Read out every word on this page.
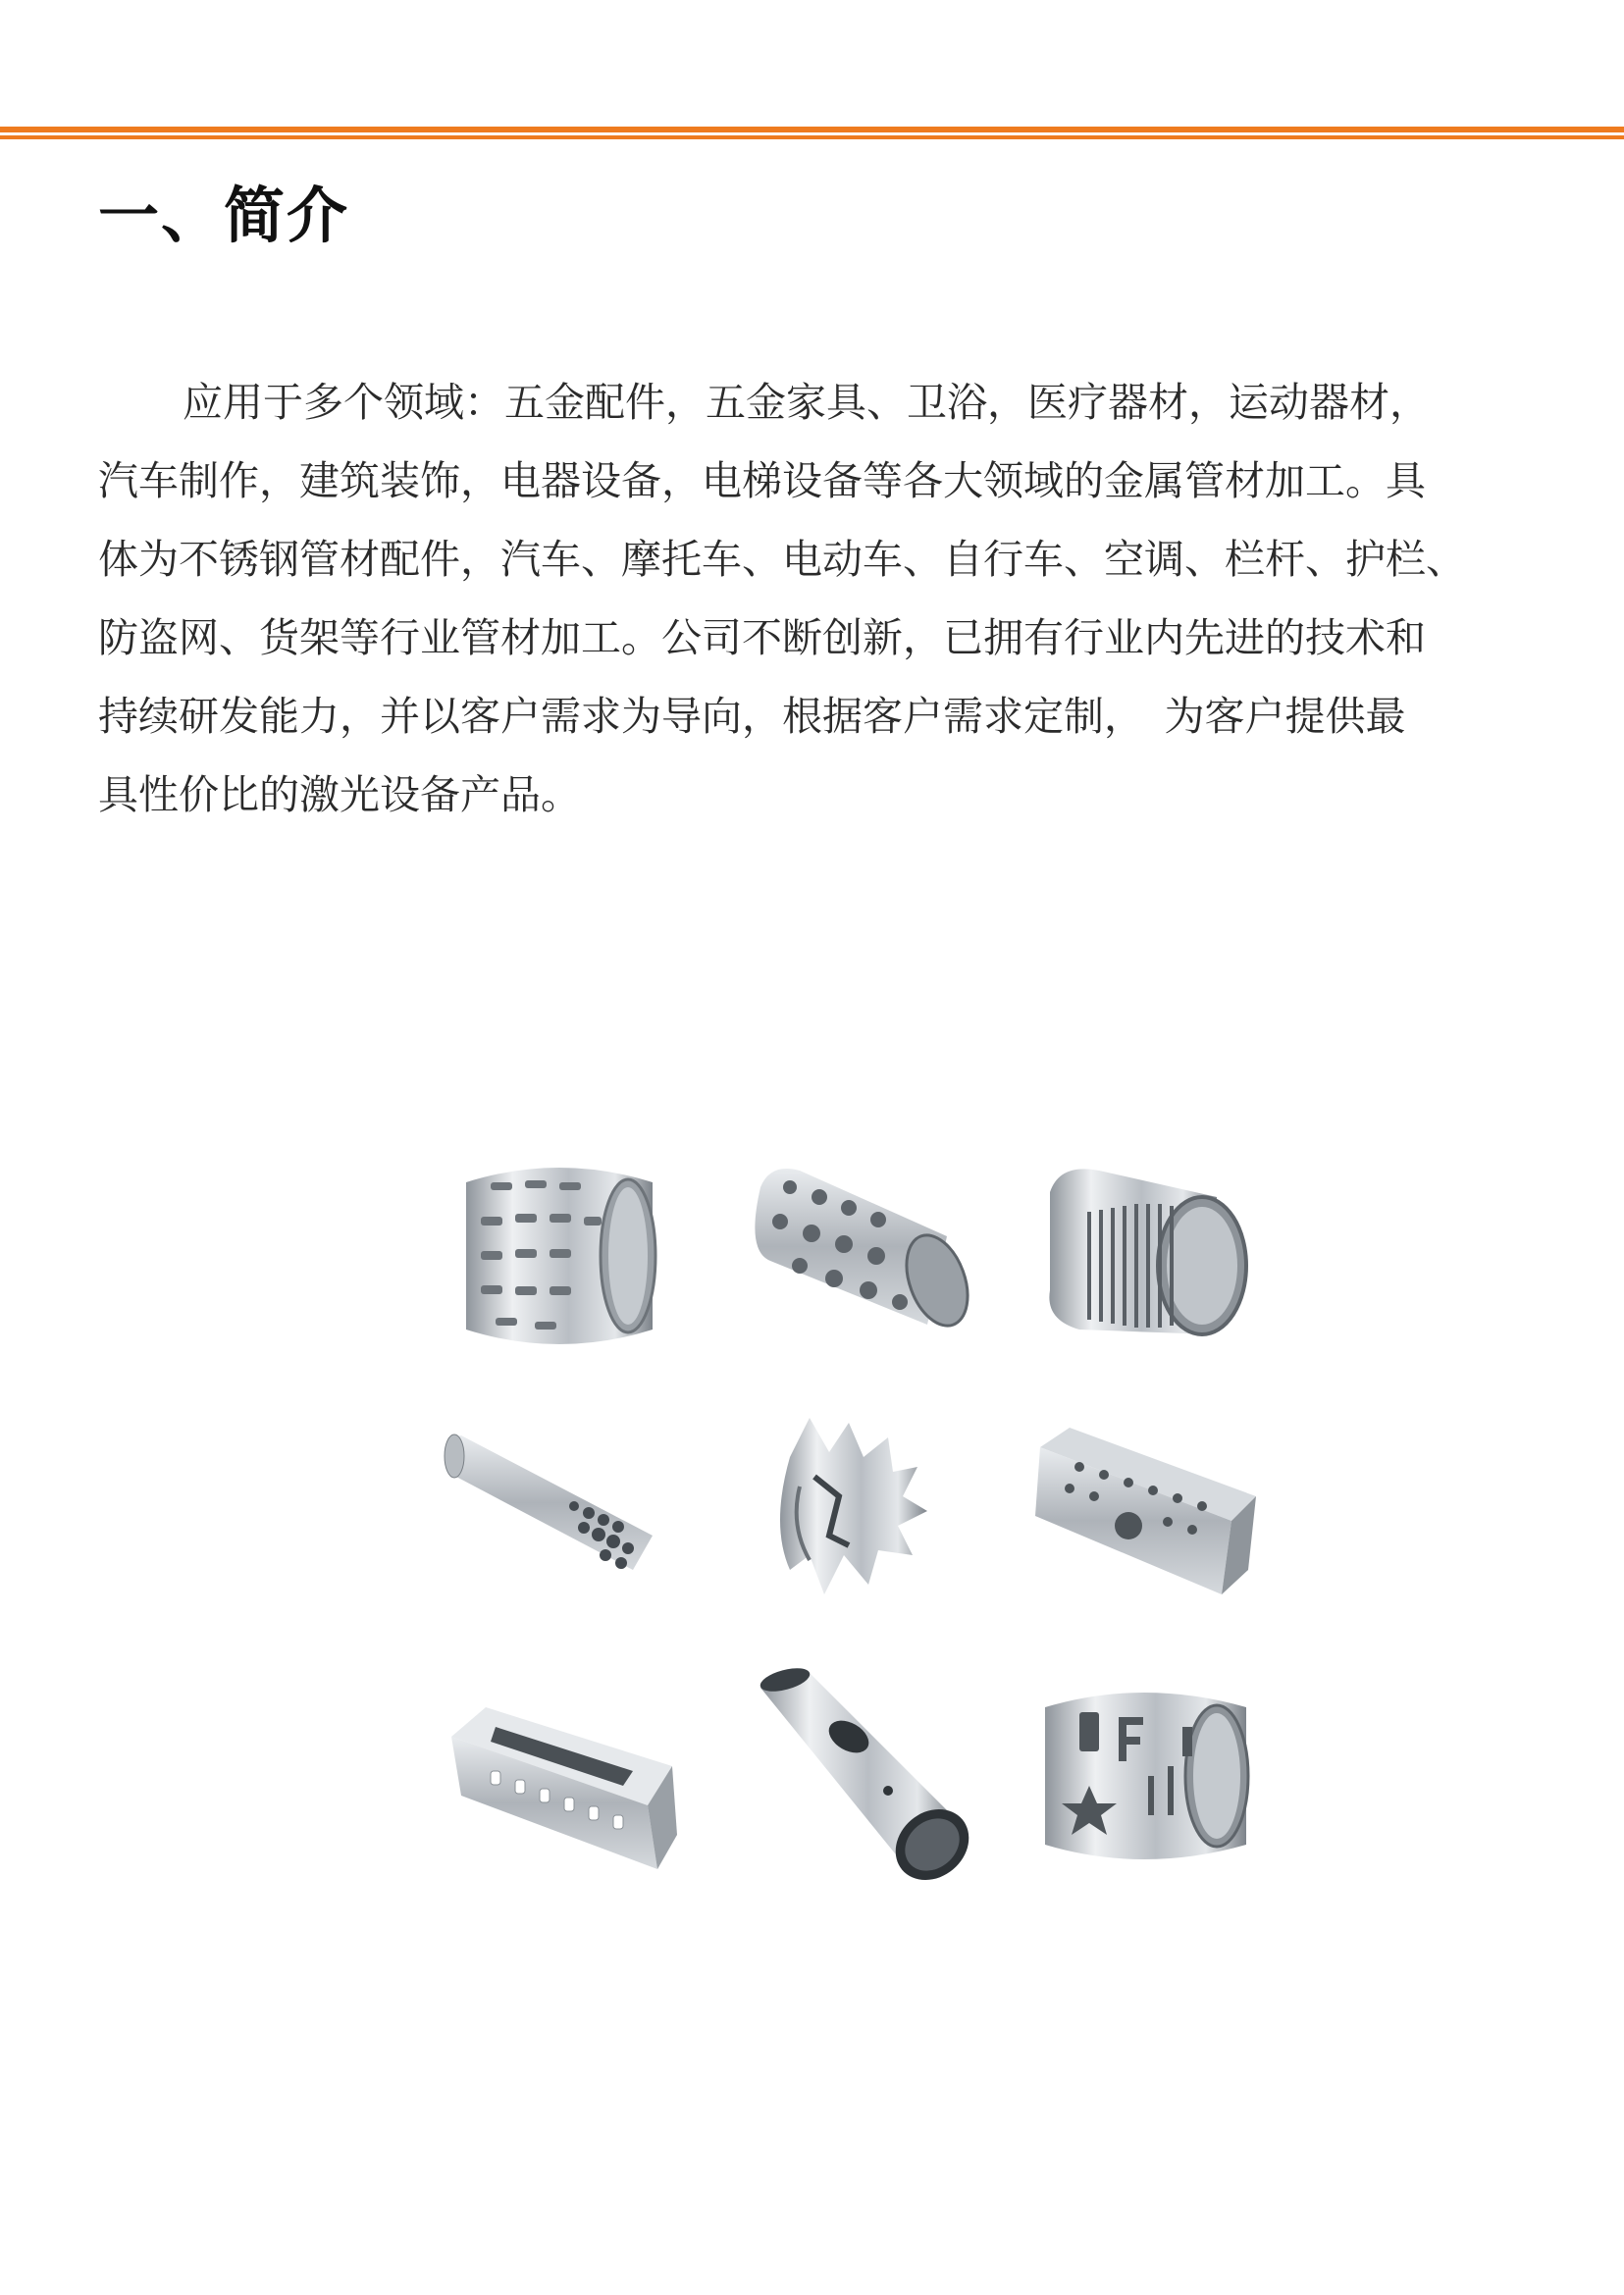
一、简介

应用于多个领域：五金配件，五金家具、卫浴，医疗器材，运动器材，
汽车制作，建筑装饰，电器设备，电梯设备等各大领域的金属管材加工。具
体为不锈钢管材配件，汽车、摩托车、电动车、自行车、空调、栏杆、护栏、
防盗网、货架等行业管材加工。公司不断创新，已拥有行业内先进的技术和
持续研发能力，并以客户需求为导向，根据客户需求定制，　为客户提供最
具性价比的激光设备产品。
